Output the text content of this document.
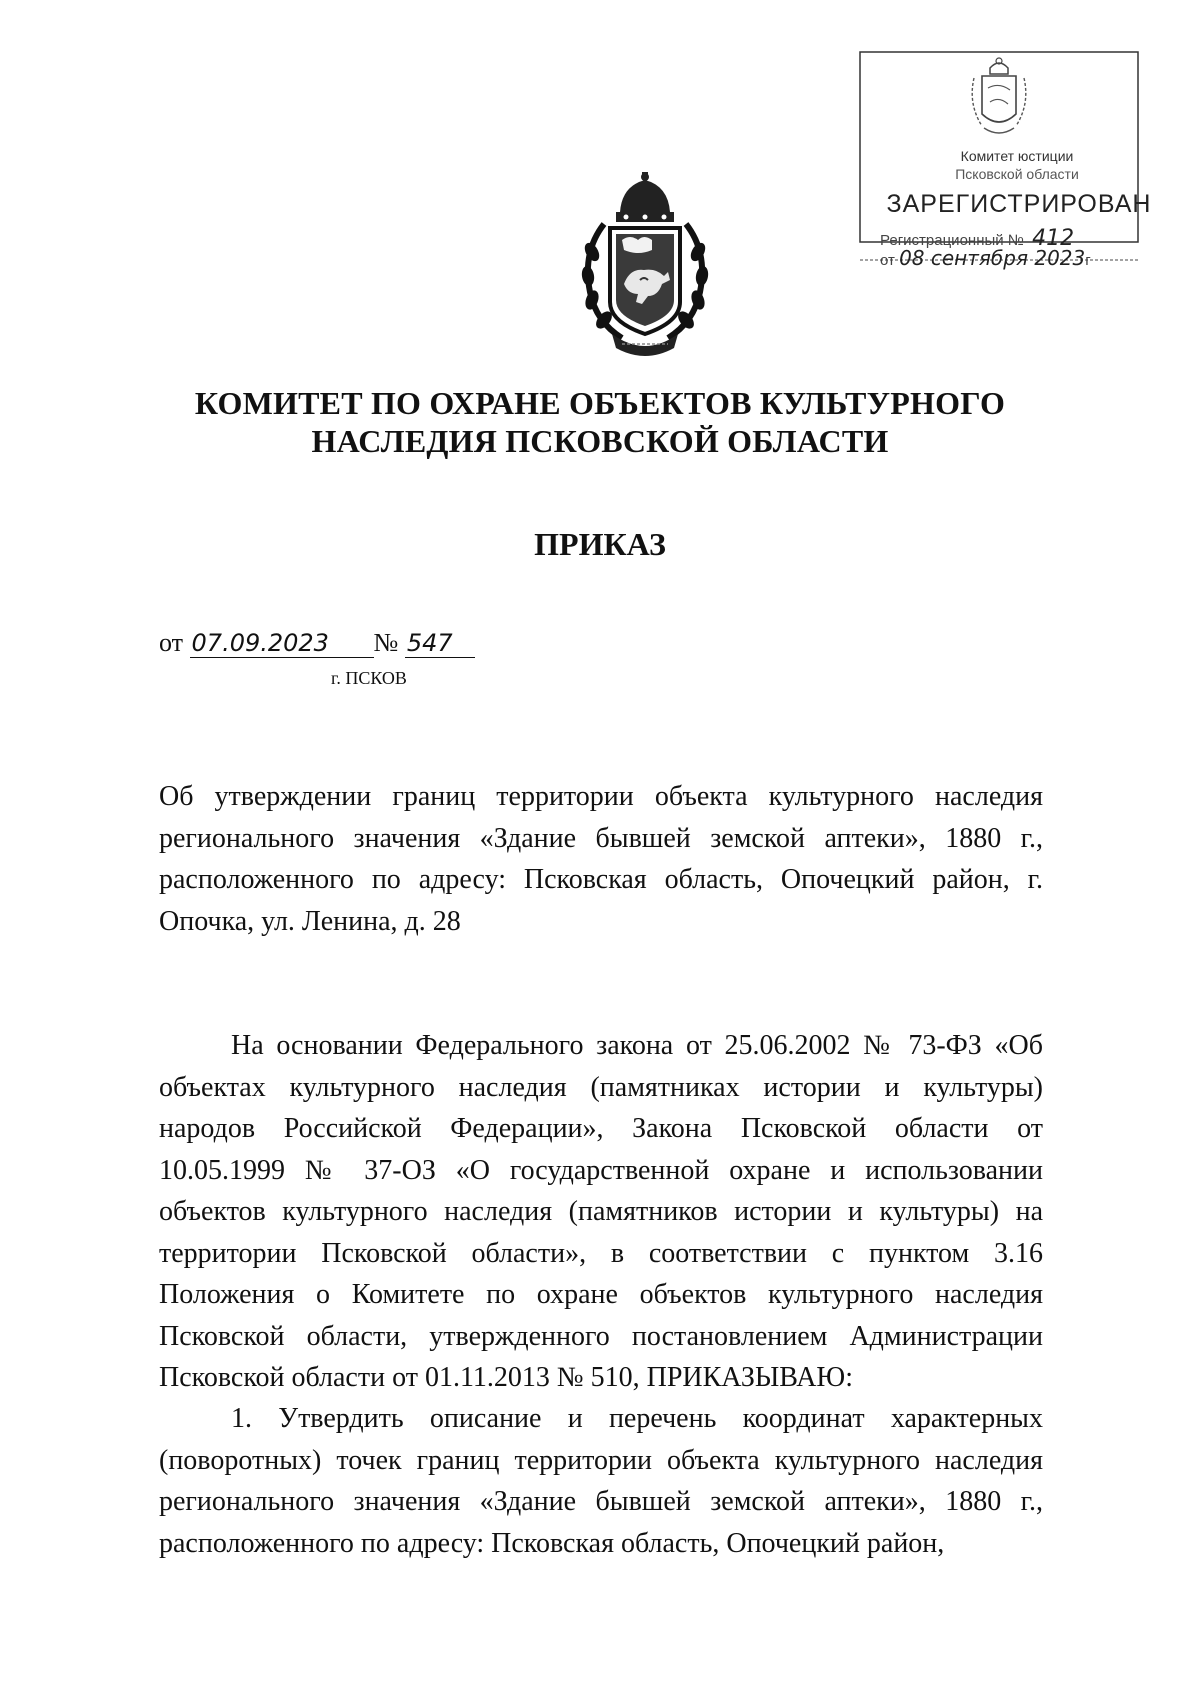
Комитет юстиции
Псковской области
ЗАРЕГИСТРИРОВАН
Регистрационный № 412
от 08 сентября 2023г
КОМИТЕТ ПО ОХРАНЕ ОБЪЕКТОВ КУЛЬТУРНОГО
НАСЛЕДИЯ ПСКОВСКОЙ ОБЛАСТИ
ПРИКАЗ
от 07.09.2023 № 547
г. ПСКОВ
Об утверждении границ территории объекта культурного наследия регионального значения «Здание бывшей земской аптеки», 1880 г., расположенного по адресу: Псковская область, Опочецкий район, г. Опочка, ул. Ленина, д. 28
На основании Федерального закона от 25.06.2002 № 73-ФЗ «Об объектах культурного наследия (памятниках истории и культуры) народов Российской Федерации», Закона Псковской области от 10.05.1999 № 37-ОЗ «О государственной охране и использовании объектов культурного наследия (памятников истории и культуры) на территории Псковской области», в соответствии с пунктом 3.16 Положения о Комитете по охране объектов культурного наследия Псковской области, утвержденного постановлением Администрации Псковской области от 01.11.2013 № 510, ПРИКАЗЫВАЮ:
1. Утвердить описание и перечень координат характерных (поворотных) точек границ территории объекта культурного наследия регионального значения «Здание бывшей земской аптеки», 1880 г., расположенного по адресу: Псковская область, Опочецкий район,
